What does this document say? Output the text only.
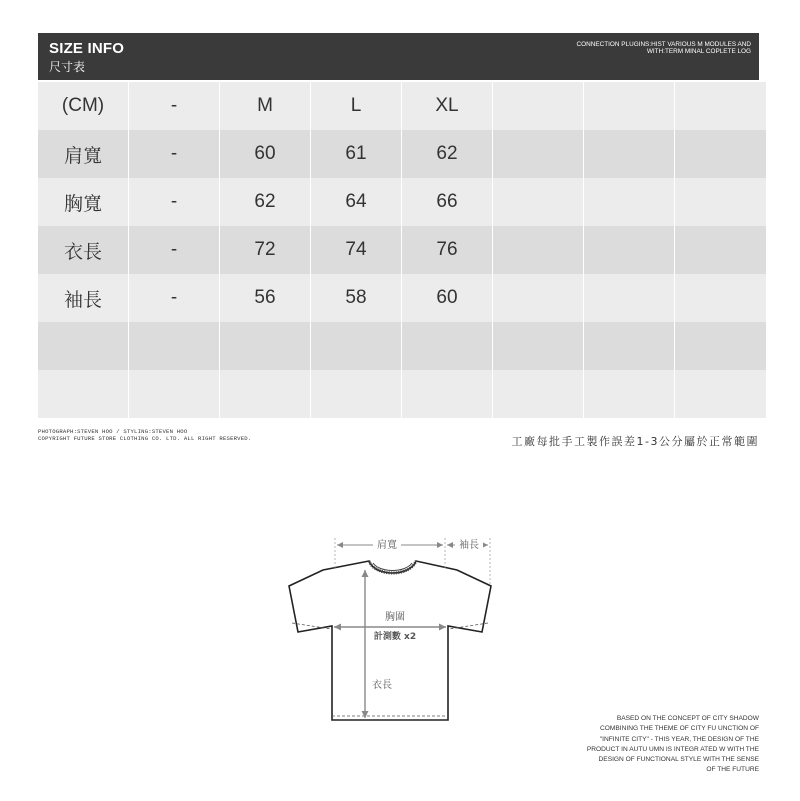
SIZE INFO
尺寸表
CONNECTION PLUGINS:HIST VARIOUS M MODULES AND
WITH:TERM MINAL COPLETE LOG
(CM)	-	M	L	XL
肩寬	-	60	61	62
胸寬	-	62	64	66
衣長	-	72	74	76
袖長	-	56	58	60
PHOTOGRAPH:STEVEN HOO / STYLING:STEVEN HOO
COPYRIGHT FUTURE STORE CLOTHING CO. LTD. ALL RIGHT RESERVED.	工廠每批手工製作誤差1-3公分屬於正常範圍
肩寬	袖長
胸圍
計測數 x2
衣長
BASED ON THE CONCEPT OF CITY SHADOW
COMBINING THE THEME OF CITY FU UNCTION OF
"INFINITE CITY" - THIS YEAR, THE DESIGN OF THE
PRODUCT IN AUTU UMN IS INTEGR ATED W WITH THE
DESIGN OF FUNCTIONAL STYLE WITH THE SENSE
OF THE FUTURE
